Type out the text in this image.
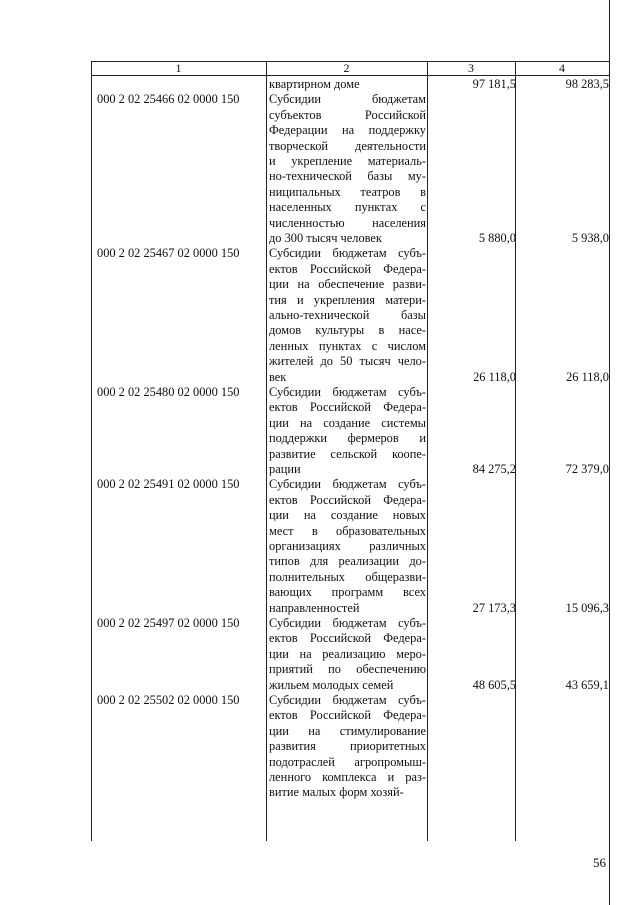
1	2	3	4
квартирном доме	97 181,5	98 283,5
000 2 02 25466 02 0000 150 Субсидии бюджетам
субъектов Российской
Федерации на поддержку
творческой деятельности
и укрепление материаль-
но-технической базы му-
ниципальных театров в
населенных пунктах с
численностью населения
до 300 тысяч человек	5 880,0	5 938,0
000 2 02 25467 02 0000 150 Субсидии бюджетам субъ-
ектов Российской Федера-
ции на обеспечение разви-
тия и укрепления матери-
ально-технической базы
домов культуры в насе-
ленных пунктах с числом
жителей до 50 тысяч чело-
век	26 118,0	26 118,0
000 2 02 25480 02 0000 150 Субсидии бюджетам субъ-
ектов Российской Федера-
ции на создание системы
поддержки фермеров и
развитие сельской коопе-
рации	84 275,2	72 379,0
000 2 02 25491 02 0000 150 Субсидии бюджетам субъ-
ектов Российской Федера-
ции на создание новых
мест в образовательных
организациях различных
типов для реализации до-
полнительных общеразви-
вающих программ всех
направленностей	27 173,3	15 096,3
000 2 02 25497 02 0000 150 Субсидии бюджетам субъ-
ектов Российской Федера-
ции на реализацию меро-
приятий по обеспечению
жильем молодых семей	48 605,5	43 659,1
000 2 02 25502 02 0000 150 Субсидии бюджетам субъ-
ектов Российской Федера-
ции на стимулирование
развития приоритетных
подотраслей агропромыш-
ленного комплекса и раз-
витие малых форм хозяй-
56
